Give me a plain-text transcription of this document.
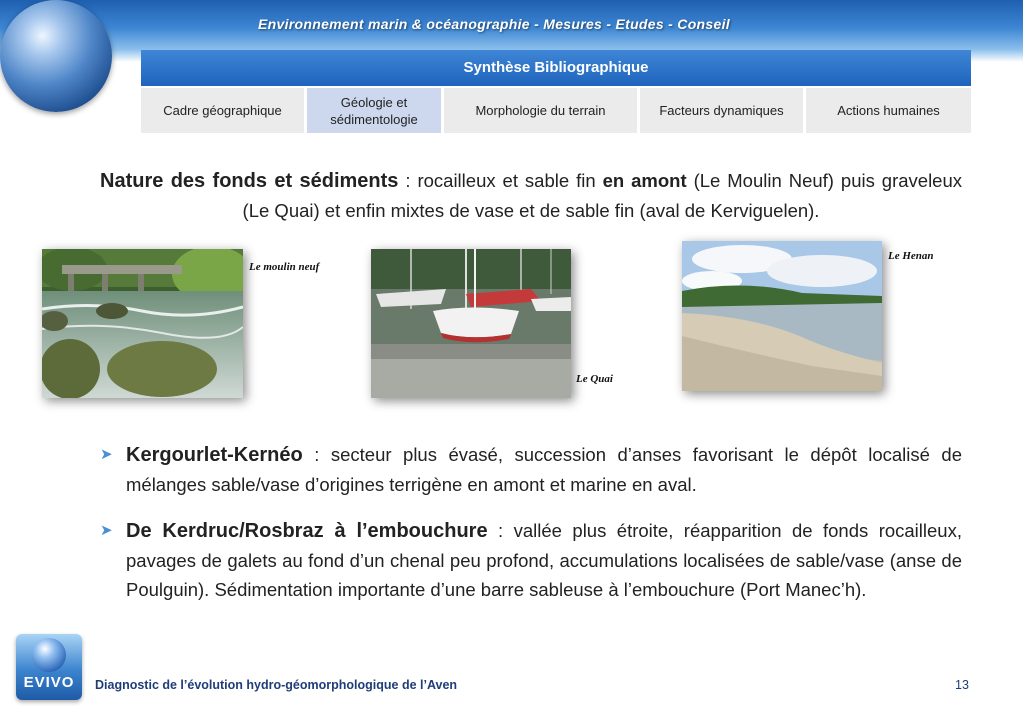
Environnement marin & océanographie - Mesures - Etudes - Conseil
Synthèse Bibliographique
Cadre géographique
Géologie et sédimentologie
Morphologie du terrain	Facteurs dynamiques	Actions humaines
Nature des fonds et sédiments : rocailleux et sable fin en amont (Le Moulin Neuf) puis graveleux (Le Quai) et enfin mixtes de vase et de sable fin (aval de Kerviguelen).
Le moulin neuf
Le Quai
Le Henan
➤ Kergourlet-Kernéo : secteur plus évasé, succession d’anses favorisant le dépôt localisé de mélanges sable/vase d’origines terrigène en amont et marine en aval.
➤ De Kerdruc/Rosbraz à l’embouchure : vallée plus étroite, réapparition de fonds rocailleux, pavages de galets au fond d’un chenal peu profond, accumulations localisées de sable/vase (anse de Poulguin). Sédimentation importante d’une barre sableuse à l’embouchure (Port Manec’h).
EVIVO	Diagnostic de l’évolution hydro-géomorphologique de l’Aven	13
